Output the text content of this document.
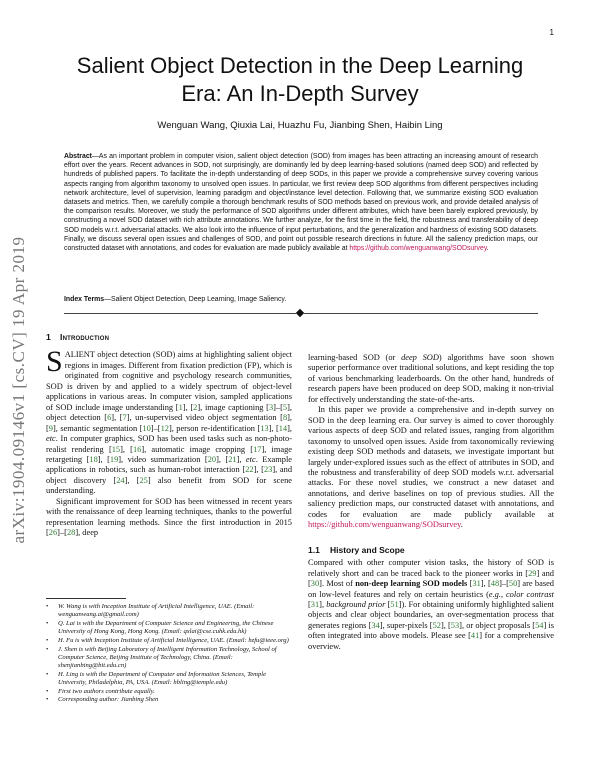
1
arXiv:1904.09146v1 [cs.CV] 19 Apr 2019
Salient Object Detection in the Deep Learning
Era: An In-Depth Survey
Wenguan Wang, Qiuxia Lai, Huazhu Fu, Jianbing Shen, Haibin Ling
Abstract—As an important problem in computer vision, salient object detection (SOD) from images has been attracting an increasing amount of research effort over the years. Recent advances in SOD, not surprisingly, are dominantly led by deep learning-based solutions (named deep SOD) and reflected by hundreds of published papers. To facilitate the in-depth understanding of deep SODs, in this paper we provide a comprehensive survey covering various aspects ranging from algorithm taxonomy to unsolved open issues. In particular, we first review deep SOD algorithms from different perspectives including network architecture, level of supervision, learning paradigm and object/instance level detection. Following that, we summarize existing SOD evaluation datasets and metrics. Then, we carefully compile a thorough benchmark results of SOD methods based on previous work, and provide detailed analysis of the comparison results. Moreover, we study the performance of SOD algorithms under different attributes, which have been barely explored previously, by constructing a novel SOD dataset with rich attribute annotations. We further analyze, for the first time in the field, the robustness and transferability of deep SOD models w.r.t. adversarial attacks. We also look into the influence of input perturbations, and the generalization and hardness of existing SOD datasets. Finally, we discuss several open issues and challenges of SOD, and point out possible research directions in future. All the saliency prediction maps, our constructed dataset with annotations, and codes for evaluation are made publicly available at https://github.com/wenguanwang/SODsurvey.
Index Terms—Salient Object Detection, Deep Learning, Image Saliency.
1 Introduction

SALIENT object detection (SOD) aims at highlighting salient object regions in images. Different from fixation prediction (FP), which is originated from cognitive and psychology research communities, SOD is driven by and applied to a widely spectrum of object-level applications in various areas. In computer vision, sampled applications of SOD include image understanding [1], [2], image captioning [3]–[5], object detection [6], [7], un-supervised video object segmentation [8], [9], semantic segmentation [10]–[12], person re-identification [13], [14], etc. In computer graphics, SOD has been used tasks such as non-photo-realist rendering [15], [16], automatic image cropping [17], image retargeting [18], [19], video summarization [20], [21], etc. Example applications in robotics, such as human-robot interaction [22], [23], and object discovery [24], [25] also benefit from SOD for scene understanding.

Significant improvement for SOD has been witnessed in recent years with the renaissance of deep learning techniques, thanks to the powerful representation learning methods. Since the first introduction in 2015 [26]–[28], deep

•	W. Wang is with Inception Institute of Artificial Intelligence, UAE. (Email: wenguanwang.ai@gmail.com)
•	Q. Lai is with the Department of Computer Science and Engineering, the Chinese University of Hong Kong, Hong Kong. (Email: qxlai@cse.cuhk.edu.hk)
•	H. Fu is with Inception Institute of Artificial Intelligence, UAE. (Email: hzfu@ieee.org)
•	J. Shen is with Beijing Laboratory of Intelligent Information Technology, School of Computer Science, Beijing Institute of Technology, China. (Email: shenjianbing@bit.edu.cn)
•	H. Ling is with the Department of Computer and Information Sciences, Temple University, Philadelphia, PA, USA. (Email: hbling@temple.edu)
•	First two authors contribute equally.
•	Corresponding author: Jianbing Shen

learning-based SOD (or deep SOD) algorithms have soon shown superior performance over traditional solutions, and kept residing the top of various benchmarking leaderboards. On the other hand, hundreds of research papers have been produced on deep SOD, making it non-trivial for effectively understanding the state-of-the-arts.

In this paper we provide a comprehensive and in-depth survey on SOD in the deep learning era. Our survey is aimed to cover thoroughly various aspects of deep SOD and related issues, ranging from algorithm taxonomy to unsolved open issues. Aside from taxonomically reviewing existing deep SOD methods and datasets, we investigate important but largely under-explored issues such as the effect of attributes in SOD, and the robustness and transferability of deep SOD models w.r.t. adversarial attacks. For these novel studies, we construct a new dataset and annotations, and derive baselines on top of previous studies. All the saliency prediction maps, our constructed dataset with annotations, and codes for evaluation are made publicly available at https://github.com/wenguanwang/SODsurvey.

1.1 History and Scope

Compared with other computer vision tasks, the history of SOD is relatively short and can be traced back to the pioneer works in [29] and [30]. Most of non-deep learning SOD models [31], [48]–[50] are based on low-level features and rely on certain heuristics (e.g., color contrast [31], background prior [51]). For obtaining uniformly highlighted salient objects and clear object boundaries, an over-segmentation process that generates regions [34], super-pixels [52], [53], or object proposals [54] is often integrated into above models. Please see [41] for a comprehensive overview.
